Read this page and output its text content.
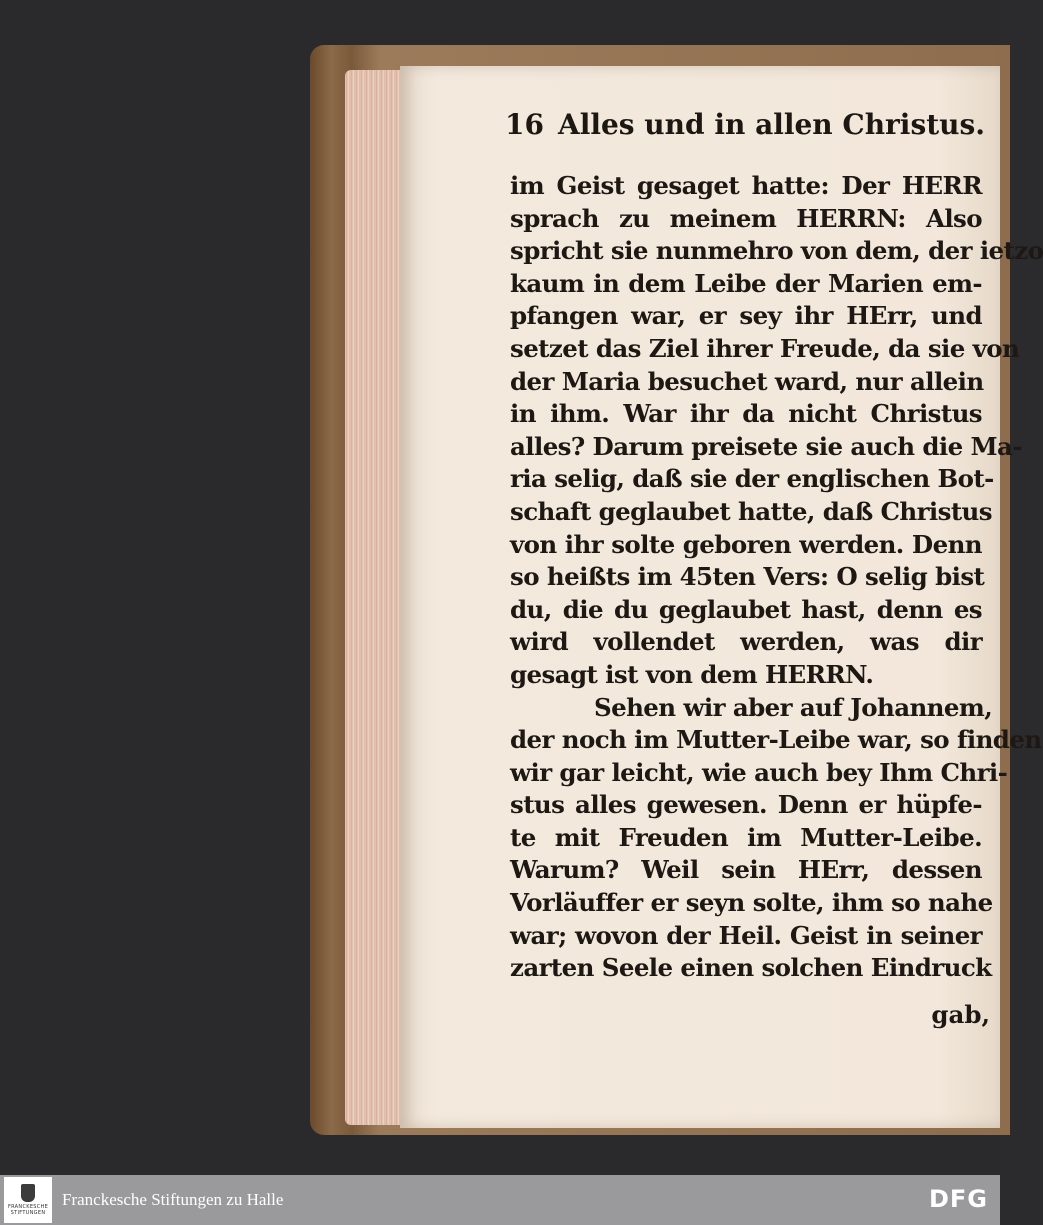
16 Alles und in allen Christus.
im Geist gesaget hatte: Der HERR
sprach zu meinem HERRN: Also
spricht sie nunmehro von dem, der ietzo
kaum in dem Leibe der Marien em-
pfangen war, er sey ihr HErr, und
setzet das Ziel ihrer Freude, da sie von
der Maria besuchet ward, nur allein
in ihm. War ihr da nicht Christus
alles? Darum preisete sie auch die Ma-
ria selig, daß sie der englischen Bot-
schaft geglaubet hatte, daß Christus
von ihr solte geboren werden. Denn
so heißts im 45ten Vers: O selig bist
du, die du geglaubet hast, denn es
wird vollendet werden, was dir
gesagt ist von dem HERRN.
Sehen wir aber auf Johannem,
der noch im Mutter-Leibe war, so finden
wir gar leicht, wie auch bey Ihm Chri-
stus alles gewesen. Denn er hüpfe-
te mit Freuden im Mutter-Leibe.
Warum? Weil sein HErr, dessen
Vorläuffer er seyn solte, ihm so nahe
war; wovon der Heil. Geist in seiner
zarten Seele einen solchen Eindruck
gab,
FRANCKESCHE
STIFTUNGEN
Franckesche Stiftungen zu Halle	DFG
